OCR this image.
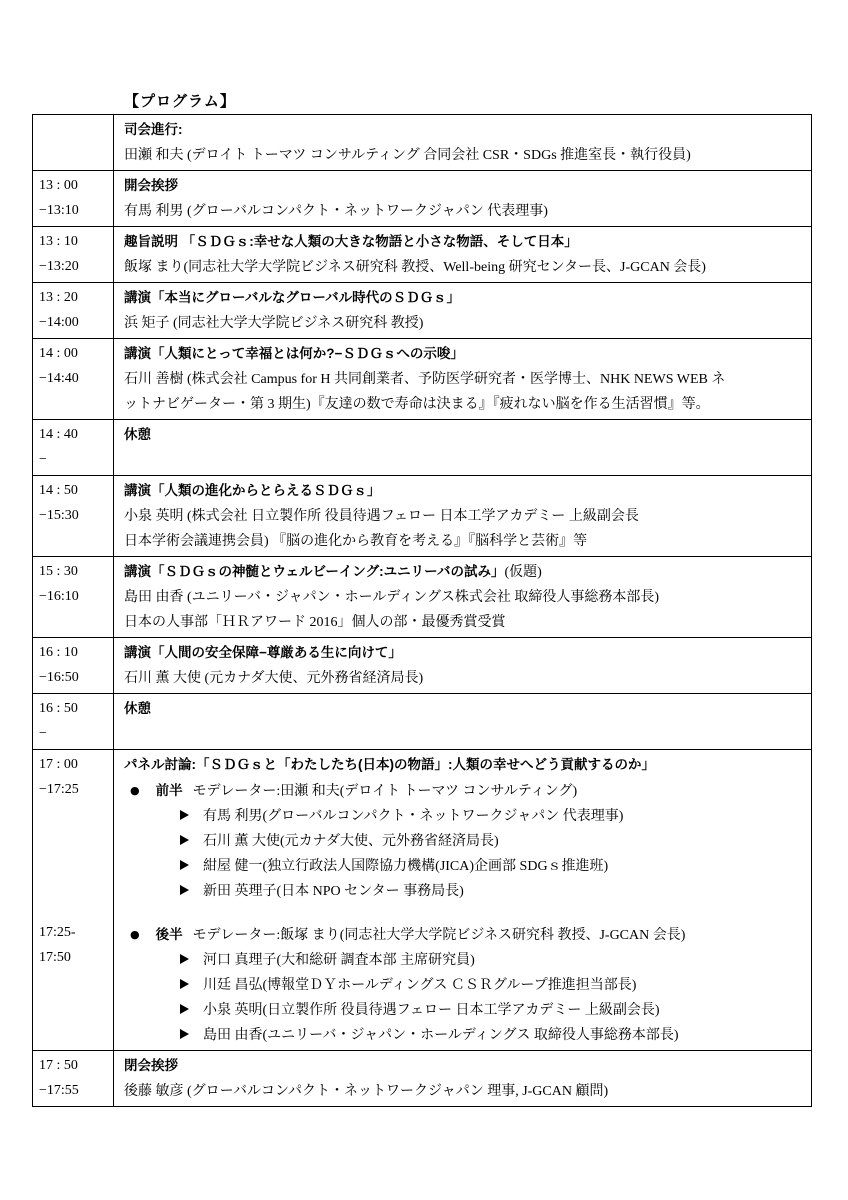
【プログラム】

	司会進行:
田瀬 和夫 (デロイト トーマツ コンサルティング 合同会社 CSR・SDGs 推進室長・執行役員)

13 : 00
−13:10

開会挨拶
有馬 利男 (グローバルコンパクト・ネットワークジャパン 代表理事)

13 : 10
−13:20

趣旨説明 「ＳＤＧｓ:幸せな人類の大きな物語と小さな物語、そして日本」
飯塚 まり(同志社大学大学院ビジネス研究科 教授、Well-being 研究センター長、J-GCAN 会長)

13 : 20
−14:00

講演「本当にグローバルなグローバル時代のＳＤＧｓ」
浜 矩子 (同志社大学大学院ビジネス研究科 教授)

14 : 00
−14:40

講演「人類にとって幸福とは何か?−ＳＤＧｓへの示唆」
石川 善樹 (株式会社 Campus for H 共同創業者、予防医学研究者・医学博士、NHK NEWS WEB ネ
ットナビゲーター・第 3 期生)『友達の数で寿命は決まる』『疲れない脳を作る生活習慣』等。

14 : 40
−	休憩

14 : 50
−15:30

講演「人類の進化からとらえるＳＤＧｓ」
小泉 英明 (株式会社 日立製作所 役員待遇フェロー 日本工学アカデミー 上級副会長
日本学術会議連携会員) 『脳の進化から教育を考える』『脳科学と芸術』等

15 : 30
−16:10

講演「ＳＤＧｓの神髄とウェルビーイング:ユニリーバの試み」(仮題)
島田 由香 (ユニリーバ・ジャパン・ホールディングス株式会社 取締役人事総務本部長)
日本の人事部「ＨＲアワード 2016」個人の部・最優秀賞受賞

16 : 10
−16:50

講演「人間の安全保障−尊厳ある生に向けて」
石川 薫 大使 (元カナダ大使、元外務省経済局長)

16 : 50
−	休憩

17 : 00
−17:25
17:25-
17:50

パネル討論:「ＳＤＧｓと「わたしたち(日本)の物語」:人類の幸せへどう貢献するのか」
● 前半 モデレーター:田瀬 和夫(デロイト トーマツ コンサルティング)
有馬 利男(グローバルコンパクト・ネットワークジャパン 代表理事)
石川 薫 大使(元カナダ大使、元外務省経済局長)
紺屋 健一(独立行政法人国際協力機構(JICA)企画部 SDGｓ推進班)
新田 英理子(日本 NPO センター 事務局長)
● 後半 モデレーター:飯塚 まり(同志社大学大学院ビジネス研究科 教授、J-GCAN 会長)
河口 真理子(大和総研 調査本部 主席研究員)
川廷 昌弘(博報堂ＤＹホールディングス ＣＳＲグループ推進担当部長)
小泉 英明(日立製作所 役員待遇フェロー 日本工学アカデミー 上級副会長)
島田 由香(ユニリーバ・ジャパン・ホールディングス 取締役人事総務本部長)

17 : 50
−17:55

閉会挨拶
後藤 敏彦 (グローバルコンパクト・ネットワークジャパン 理事, J-GCAN 顧問)
